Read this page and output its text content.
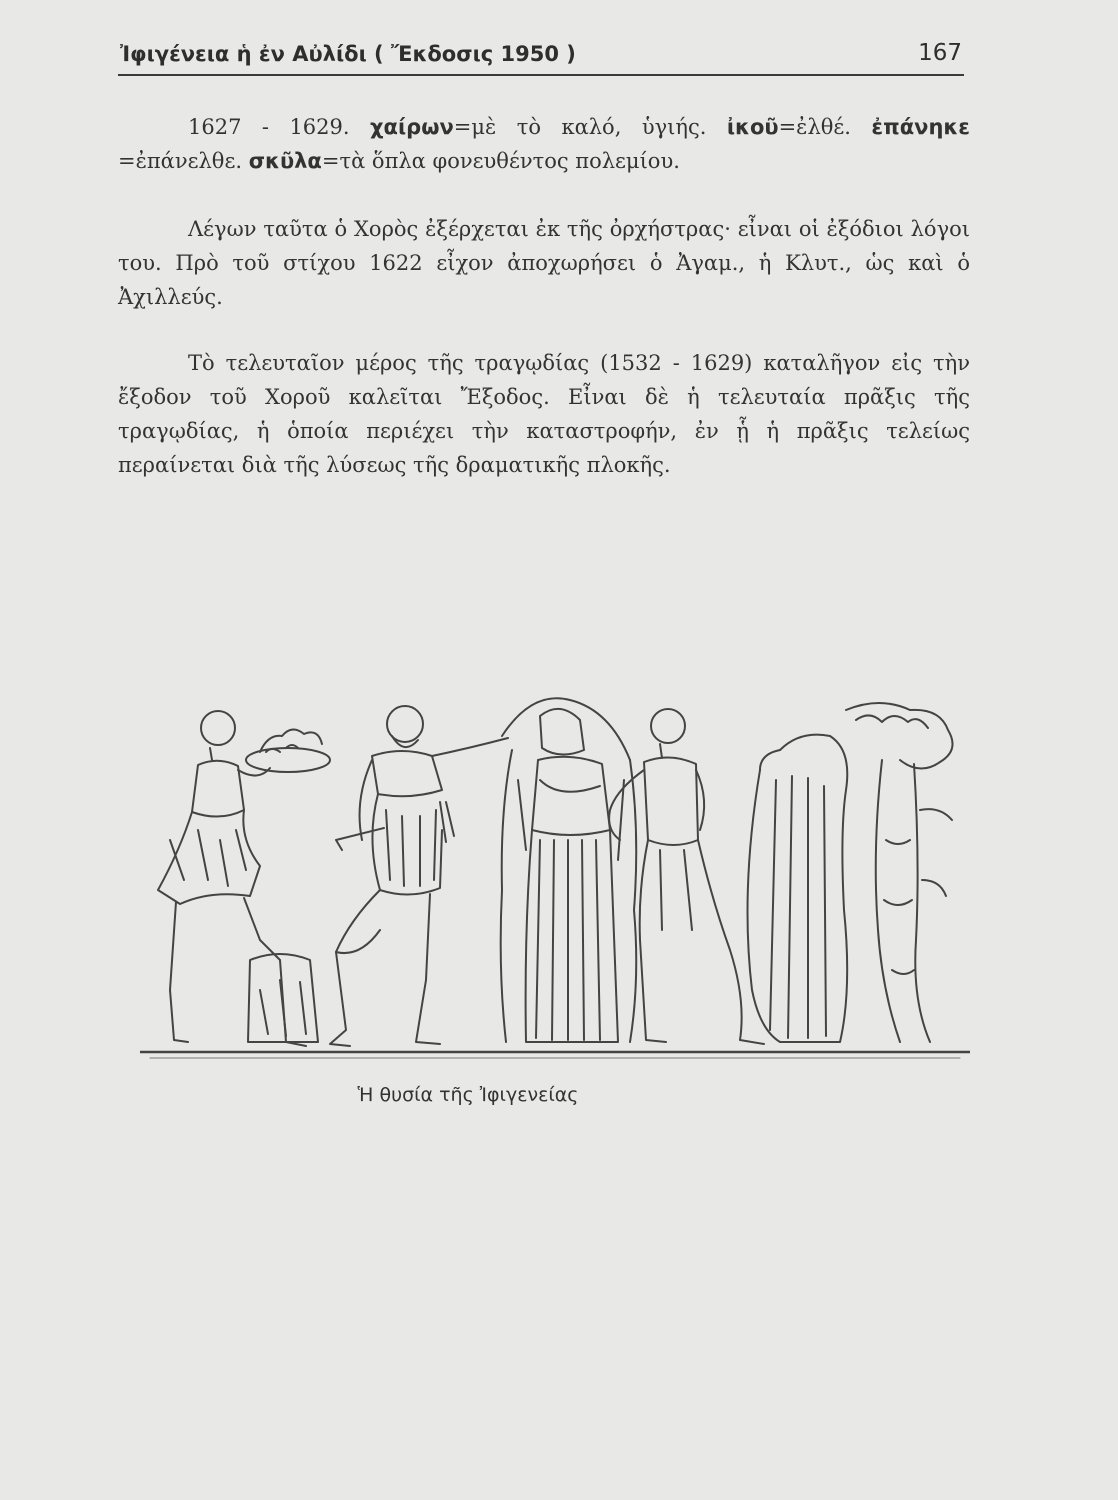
Ἰφιγένεια ἡ ἐν Αὐλίδι ( Ἔκδοσις 1950 )	167

1627 - 1629. χαίρων=μὲ τὸ καλό, ὑγιής. ἰκοῦ=ἐλθέ. ἐπάνηκε =ἐπάνελθε. σκῦλα=τὰ ὅπλα φονευθέντος πολεμίου.

Λέγων ταῦτα ὁ Χορὸς ἐξέρχεται ἐκ τῆς ὀρχήστρας· εἶναι οἱ ἐξόδιοι λόγοι του. Πρὸ τοῦ στίχου 1622 εἶχον ἀποχωρήσει ὁ Ἀγαμ., ἡ Κλυτ., ὡς καὶ ὁ Ἀχιλλεύς.

Τὸ τελευταῖον μέρος τῆς τραγῳδίας (1532 - 1629) καταλῆγον εἰς τὴν ἔξοδον τοῦ Χοροῦ καλεῖται Ἔξοδος. Εἶναι δὲ ἡ τελευταία πρᾶξις τῆς τραγῳδίας, ἡ ὁποία περιέχει τὴν καταστροφήν, ἐν ᾗ ἡ πρᾶξις τελείως περαίνεται διὰ τῆς λύσεως τῆς δραματικῆς πλοκῆς.

Ἡ θυσία τῆς Ἰφιγενείας
